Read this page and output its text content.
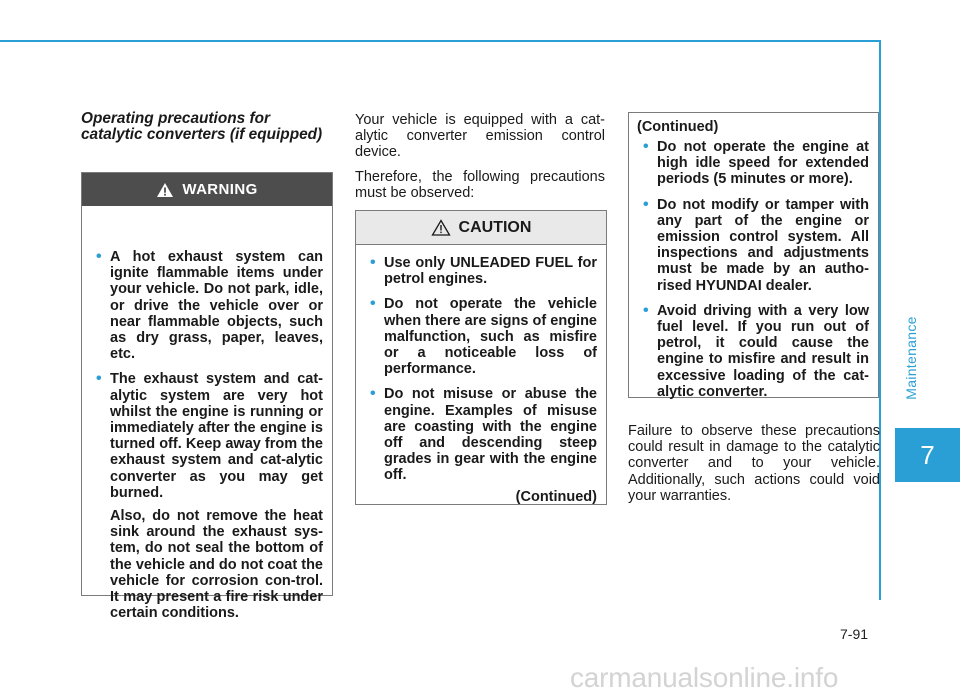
Maintenance
7
7-91
Operating precautions for catalytic converters (if equipped)
WARNING
• A hot exhaust system can ignite flammable items under your vehicle. Do not park, idle, or drive the vehicle over or near flammable objects, such as dry grass, paper, leaves, etc.
• The exhaust system and cat-alytic system are very hot whilst the engine is running or immediately after the engine is turned off. Keep away from the exhaust system and cat-alytic converter as you may get burned.
Also, do not remove the heat sink around the exhaust sys-tem, do not seal the bottom of the vehicle and do not coat the vehicle for corrosion con-trol. It may present a fire risk under certain conditions.

Your vehicle is equipped with a cat-alytic converter emission control device.

Therefore, the following precautions must be observed:

CAUTION
• Use only UNLEADED FUEL for petrol engines.
• Do not operate the vehicle when there are signs of engine malfunction, such as misfire or a noticeable loss of performance.
• Do not misuse or abuse the engine. Examples of misuse are coasting with the engine off and descending steep grades in gear with the engine off.
(Continued)
(Continued)
• Do not operate the engine at high idle speed for extended periods (5 minutes or more).
• Do not modify or tamper with any part of the engine or emission control system. All inspections and adjustments must be made by an autho-rised HYUNDAI dealer.
• Avoid driving with a very low fuel level. If you run out of petrol, it could cause the engine to misfire and result in excessive loading of the cat-alytic converter.

Failure to observe these precautions could result in damage to the catalytic converter and to your vehicle. Additionally, such actions could void your warranties.

carmanualsonline.info
